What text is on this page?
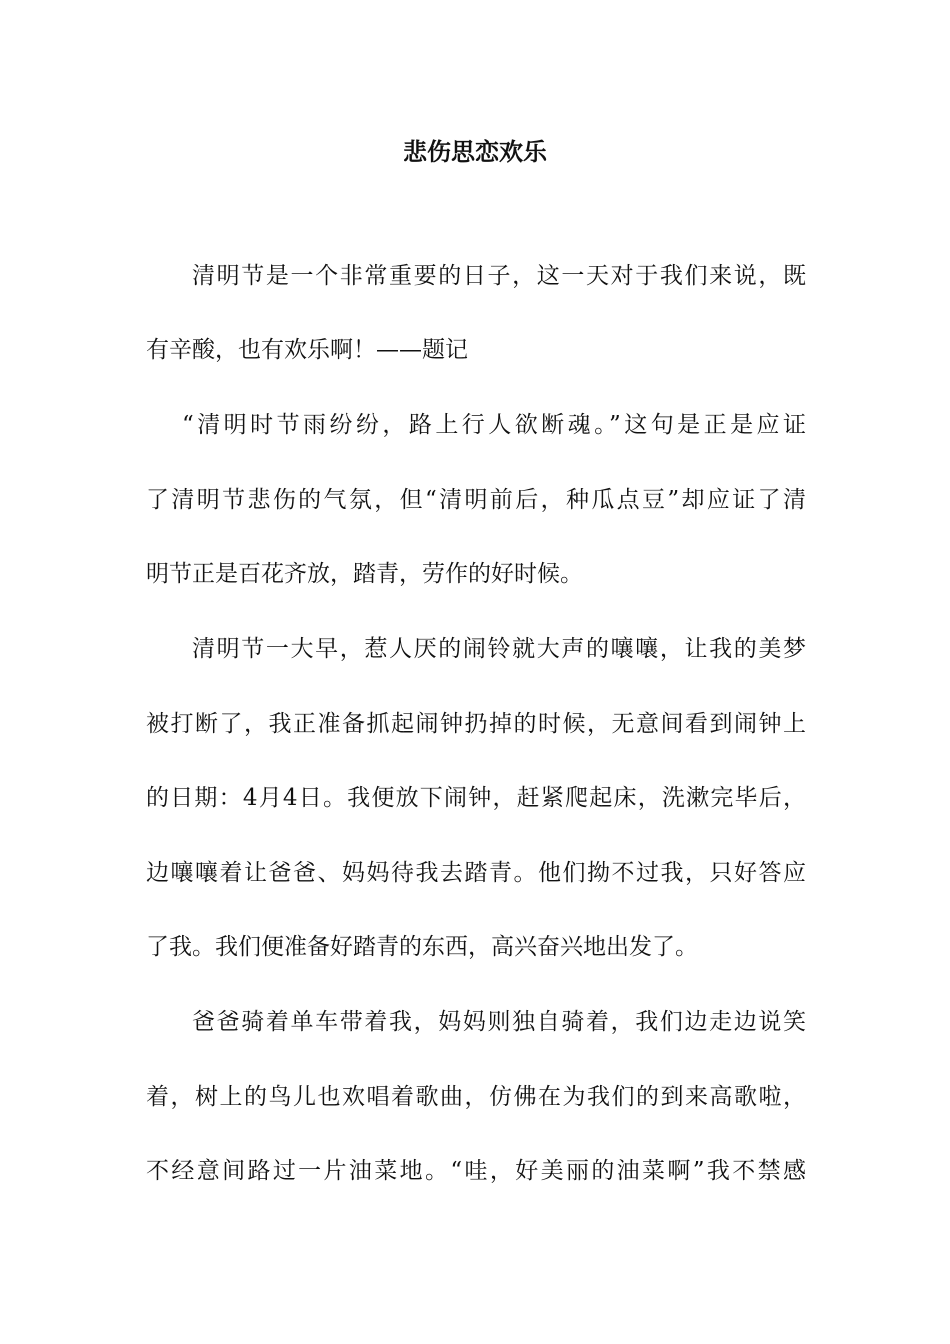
悲伤思恋欢乐
清明节是一个非常重要的日子，这一天对于我们来说，既
有辛酸，也有欢乐啊！——题记
“清明时节雨纷纷，路上行人欲断魂。”这句是正是应证
了清明节悲伤的气氛，但“清明前后，种瓜点豆”却应证了清
明节正是百花齐放，踏青，劳作的好时候。
清明节一大早，惹人厌的闹铃就大声的嚷嚷，让我的美梦
被打断了，我正准备抓起闹钟扔掉的时候，无意间看到闹钟上
的日期：4月4日。我便放下闹钟，赶紧爬起床，洗漱完毕后，
边嚷嚷着让爸爸、妈妈待我去踏青。他们拗不过我，只好答应
了我。我们便准备好踏青的东西，高兴奋兴地出发了。
爸爸骑着单车带着我，妈妈则独自骑着，我们边走边说笑
着，树上的鸟儿也欢唱着歌曲，仿佛在为我们的到来高歌啦，
不经意间路过一片油菜地。“哇，好美丽的油菜啊”我不禁感
